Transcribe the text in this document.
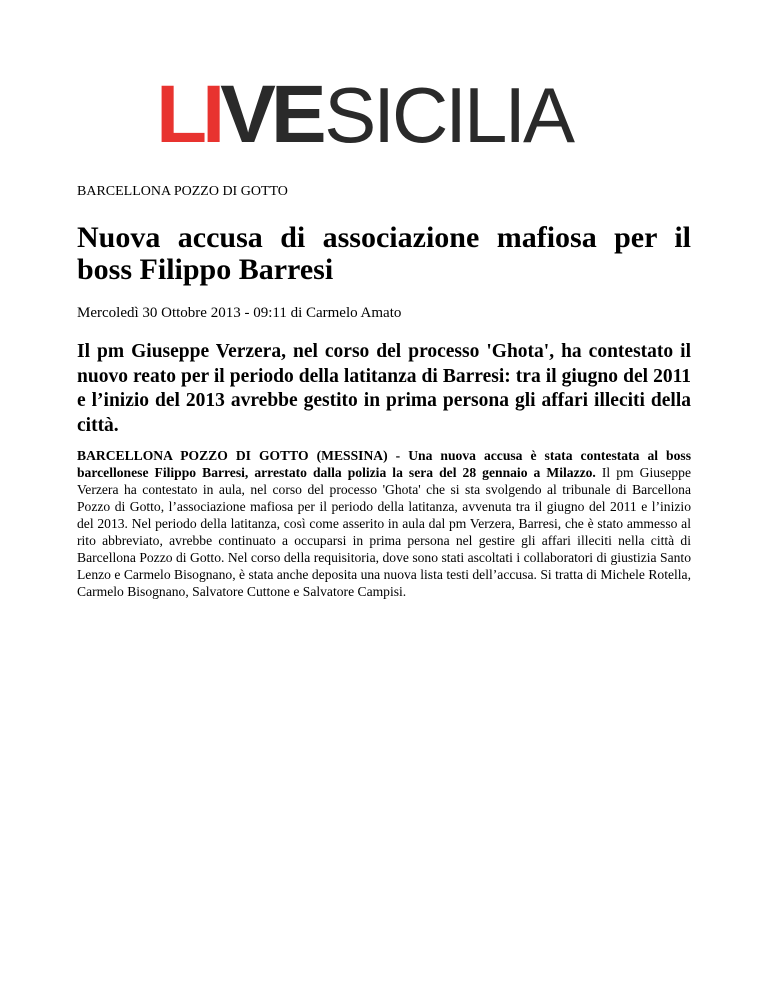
LIVE SICILIA
BARCELLONA POZZO DI GOTTO
Nuova accusa di associazione mafiosa per il boss Filippo Barresi
Mercoledì 30 Ottobre 2013 - 09:11 di Carmelo Amato

Il pm Giuseppe Verzera, nel corso del processo 'Ghota', ha contestato il nuovo reato per il periodo della latitanza di Barresi: tra il giugno del 2011 e l’inizio del 2013 avrebbe gestito in prima persona gli affari illeciti della città.

BARCELLONA POZZO DI GOTTO (MESSINA) - Una nuova accusa è stata contestata al boss barcellonese Filippo Barresi, arrestato dalla polizia la sera del 28 gennaio a Milazzo. Il pm Giuseppe Verzera ha contestato in aula, nel corso del processo 'Ghota' che si sta svolgendo al tribunale di Barcellona Pozzo di Gotto, l’associazione mafiosa per il periodo della latitanza, avvenuta tra il giugno del 2011 e l’inizio del 2013. Nel periodo della latitanza, così come asserito in aula dal pm Verzera, Barresi, che è stato ammesso al rito abbreviato, avrebbe continuato a occuparsi in prima persona nel gestire gli affari illeciti nella città di Barcellona Pozzo di Gotto. Nel corso della requisitoria, dove sono stati ascoltati i collaboratori di giustizia Santo Lenzo e Carmelo Bisognano, è stata anche deposita una nuova lista testi dell’accusa. Si tratta di Michele Rotella, Carmelo Bisognano, Salvatore Cuttone e Salvatore Campisi.
